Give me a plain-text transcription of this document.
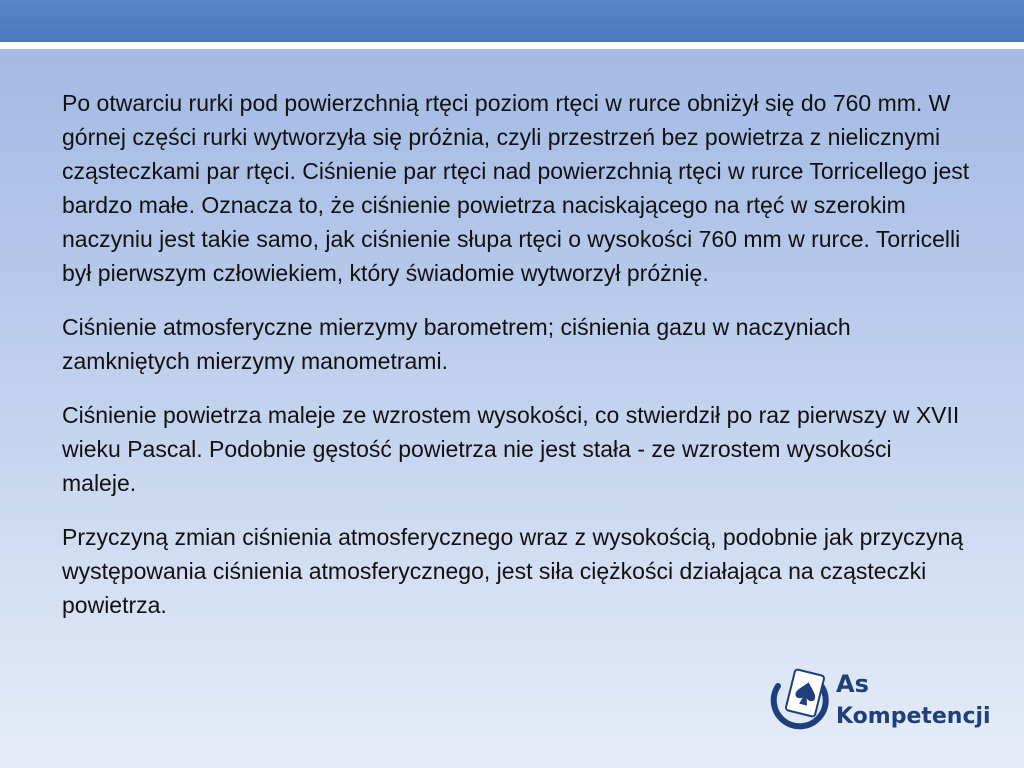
Po otwarciu rurki pod powierzchnią rtęci poziom rtęci w rurce obniżył się do 760 mm. W górnej części rurki wytworzyła się próżnia, czyli przestrzeń bez powietrza z nielicznymi cząsteczkami par rtęci. Ciśnienie par rtęci nad powierzchnią rtęci w rurce Torricellego jest bardzo małe. Oznacza to, że ciśnienie powietrza naciskającego na rtęć w szerokim naczyniu jest takie samo, jak ciśnienie słupa rtęci o wysokości 760 mm w rurce. Torricelli był pierwszym człowiekiem, który świadomie wytworzył próżnię.

Ciśnienie atmosferyczne mierzymy barometrem; ciśnienia gazu w naczyniach zamkniętych mierzymy manometrami.

Ciśnienie powietrza maleje ze wzrostem wysokości, co stwierdził po raz pierwszy w XVII wieku Pascal. Podobnie gęstość powietrza nie jest stała - ze wzrostem wysokości maleje.

Przyczyną zmian ciśnienia atmosferycznego wraz z wysokością, podobnie jak przyczyną występowania ciśnienia atmosferycznego, jest siła ciężkości działająca na cząsteczki powietrza.

As
Kompetencji
